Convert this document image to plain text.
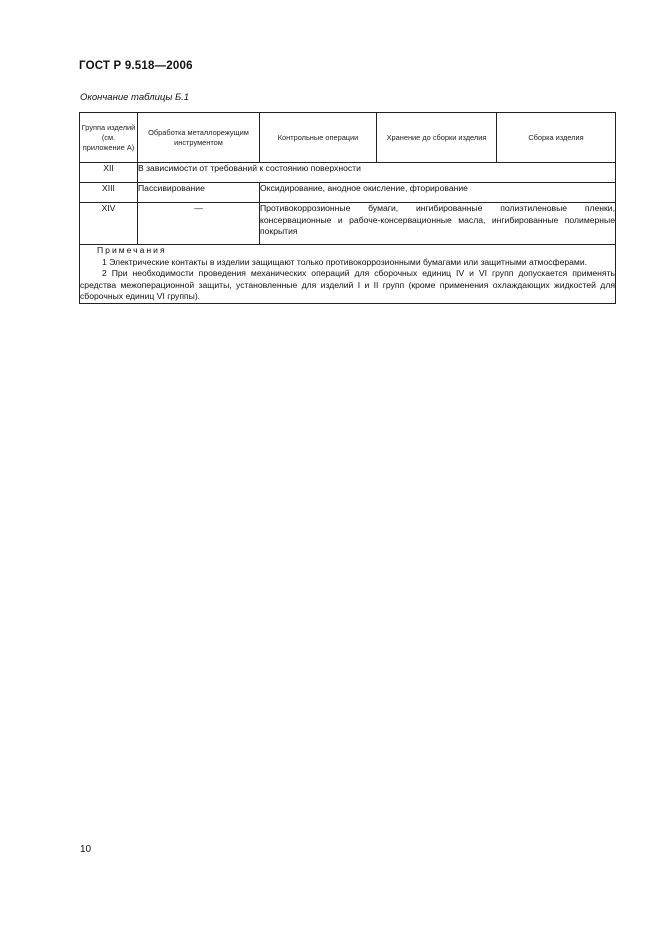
ГОСТ Р 9.518—2006
Окончание таблицы Б.1
Группа изделий (см. приложение А)	Обработка металлорежущим инструментом	Контрольные операции	Хранение до сборки изделия	Сборка изделия
XII	В зависимости от требований к состоянию поверхности			
XIII	Пассивирование	Оксидирование, анодное окисление, фторирование		
XIV	—	Противокоррозионные бумаги, ингибированные полиэтиленовые пленки, консервационные и рабоче-консервационные масла, ингибированные полимерные покрытия		

Примечания
1 Электрические контакты в изделии защищают только противокоррозионными бумагами или защитными атмосферами.
2 При необходимости проведения механических операций для сборочных единиц IV и VI групп допускается применять средства межоперационной защиты, установленные для изделий I и II групп (кроме применения охлаждающих жидкостей для сборочных единиц VI группы).				
10
